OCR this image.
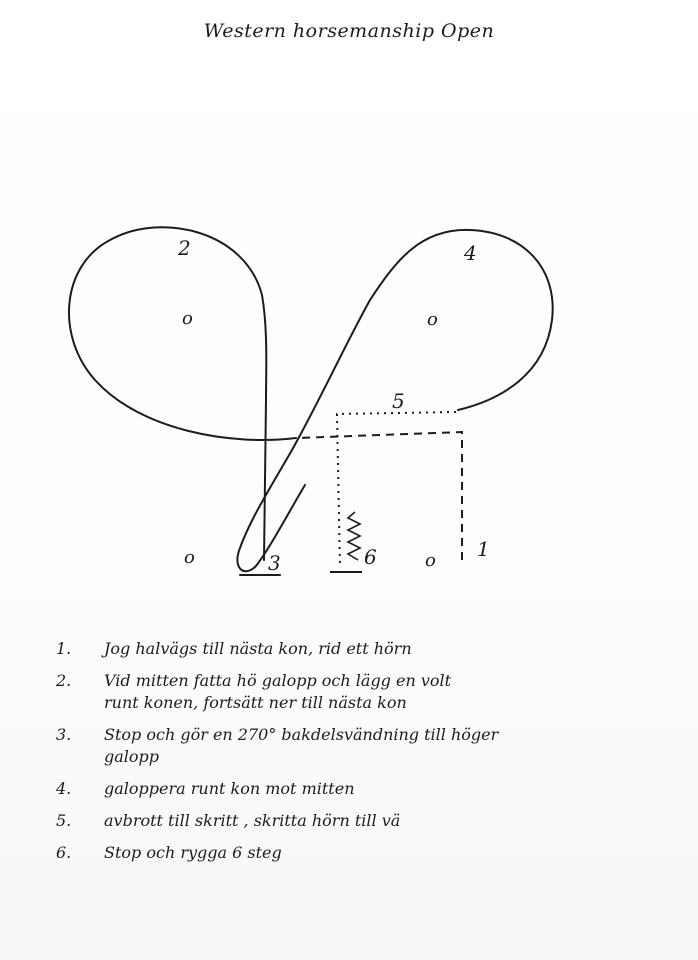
Western horsemanship Open
o	o
o	o 1
2
3
4
5
6
1. Jog halvägs till nästa kon, rid ett hörn
2. Vid mitten fatta hö galopp och lägg en volt
runt konen, fortsätt ner till nästa kon
3. Stop och gör en 270° bakdelsvändning till höger
galopp
4. galoppera runt kon mot mitten
5. avbrott till skritt , skritta hörn till vä
6. Stop och rygga 6 steg
